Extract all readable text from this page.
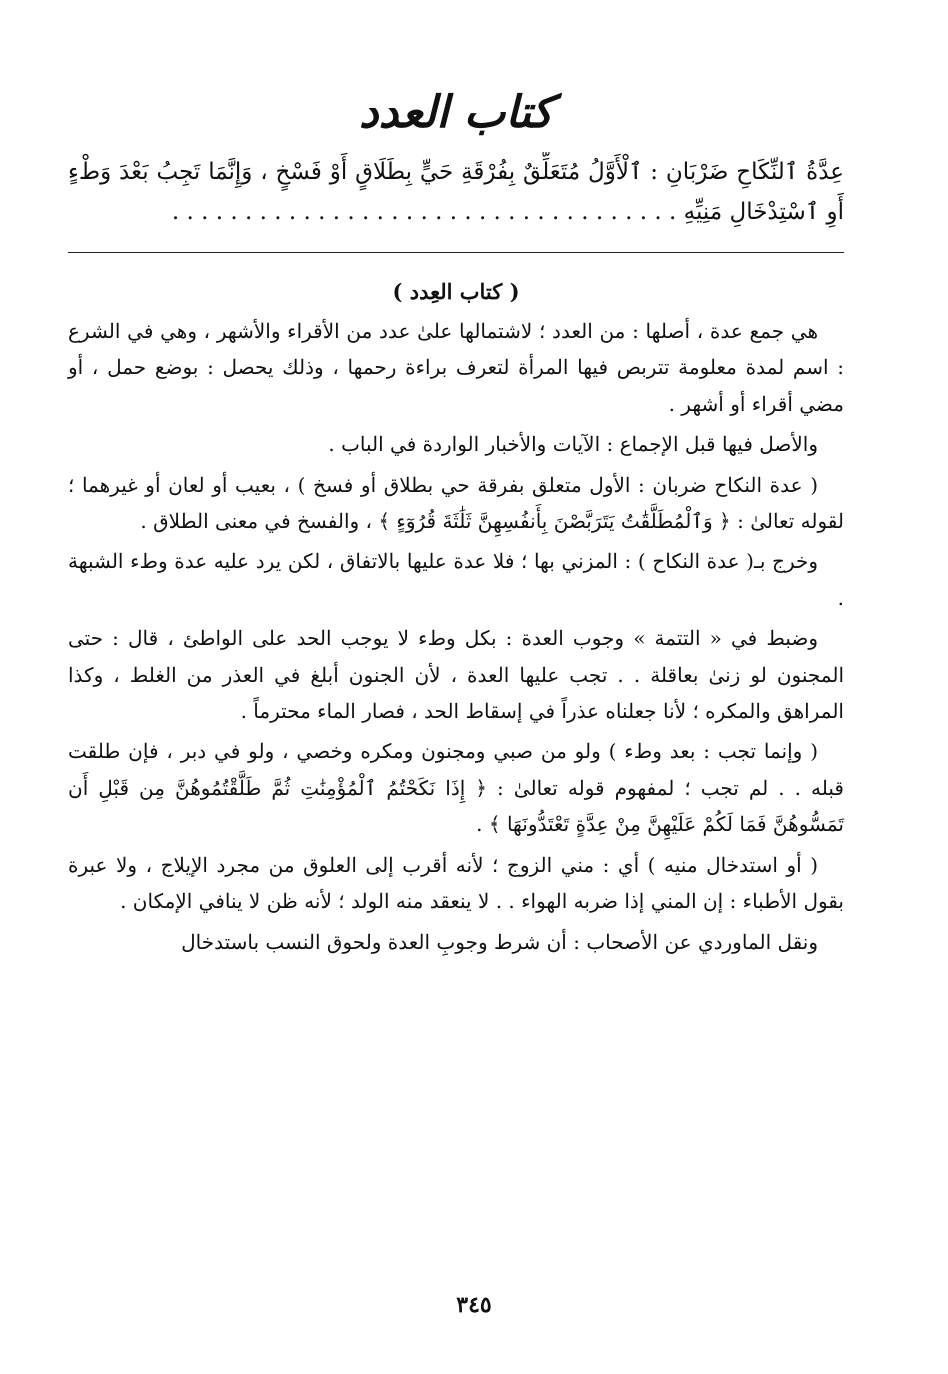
كتاب العدد
عِدَّةُ ٱلنِّكَاحِ ضَرْبَانِ : ٱلْأَوَّلُ مُتَعَلِّقٌ بِفُرْقَةِ حَيٍّ بِطَلَاقٍ أَوْ فَسْخٍ ، وَإِنَّمَا تَجِبُ بَعْدَ وَطْءٍ أَوِ ٱسْتِدْخَالِ مَنِيِّهِ . . . . . . . . . . . . . . . . . . . . . . . . . . . . . . . . . . .
( كتاب العِدد )

هي جمع عدة ، أصلها : من العدد ؛ لاشتمالها علىٰ عدد من الأقراء والأشهر ، وهي في الشرع : اسم لمدة معلومة تتربص فيها المرأة لتعرف براءة رحمها ، وذلك يحصل : بوضع حمل ، أو مضي أقراء أو أشهر .

والأصل فيها قبل الإجماع : الآيات والأخبار الواردة في الباب .

( عدة النكاح ضربان : الأول متعلق بفرقة حي بطلاق أو فسخ ) ، بعيب أو لعان أو غيرهما ؛ لقوله تعالىٰ : ﴿ وَٱلْمُطَلَّقَٰتُ يَتَرَبَّصْنَ بِأَنفُسِهِنَّ ثَلَٰثَةَ قُرُوٓءٍ ﴾ ، والفسخ في معنى الطلاق .

وخرج بـ( عدة النكاح ) : المزني بها ؛ فلا عدة عليها بالاتفاق ، لكن يرد عليه عدة وطء الشبهة .

وضبط في « التتمة » وجوب العدة : بكل وطء لا يوجب الحد على الواطئ ، قال : حتى المجنون لو زنىٰ بعاقلة . . تجب عليها العدة ، لأن الجنون أبلغ في العذر من الغلط ، وكذا المراهق والمكره ؛ لأنا جعلناه عذراً في إسقاط الحد ، فصار الماء محترماً .

( وإنما تجب : بعد وطء ) ولو من صبي ومجنون ومكره وخصي ، ولو في دبر ، فإن طلقت قبله . . لم تجب ؛ لمفهوم قوله تعالىٰ : ﴿ إِذَا نَكَحْتُمُ ٱلْمُؤْمِنَٰتِ ثُمَّ طَلَّقْتُمُوهُنَّ مِن قَبْلِ أَن تَمَسُّوهُنَّ فَمَا لَكُمْ عَلَيْهِنَّ مِنْ عِدَّةٍ تَعْتَدُّونَهَا ﴾ .

( أو استدخال منيه ) أي : مني الزوج ؛ لأنه أقرب إلى العلوق من مجرد الإيلاج ، ولا عبرة بقول الأطباء : إن المني إذا ضربه الهواء . . لا ينعقد منه الولد ؛ لأنه ظن لا ينافي الإمكان .

ونقل الماوردي عن الأصحاب : أن شرط وجوبِ العدة ولحوق النسب باستدخال

٣٤٥
